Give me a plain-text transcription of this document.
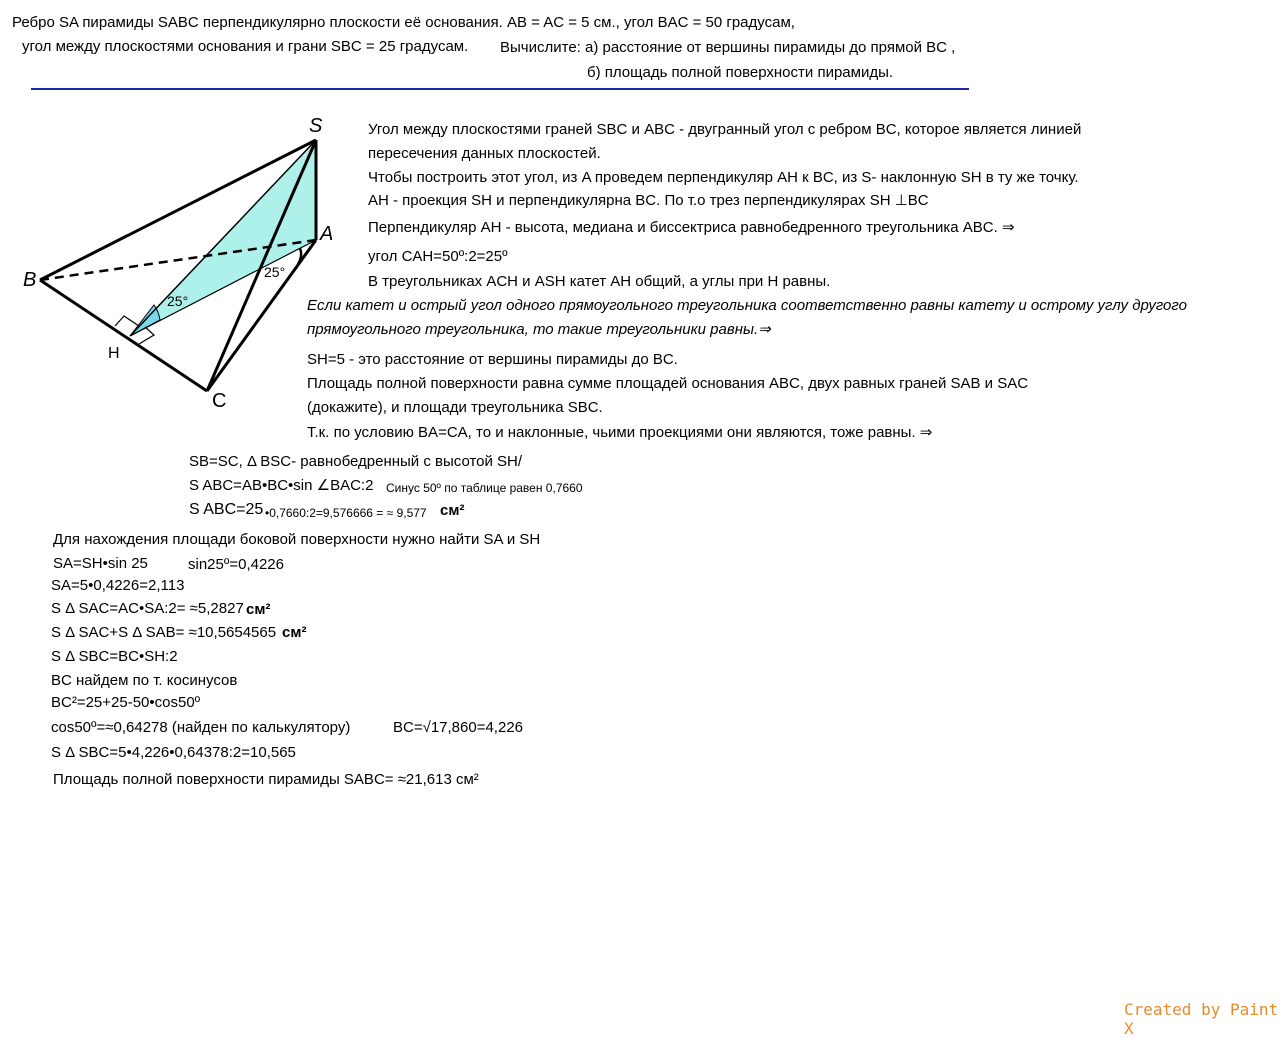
Ребро SA пирамиды SABC перпендикулярно плоскости её основания. AB = AC = 5 см., угол BAC = 50 градусам,
угол между плоскостями основания и грани SBC = 25 градусам. Вычислите: а) расстояние от вершины пирамиды до прямой BC ,
б) площадь полной поверхности пирамиды.
S
A
B
C
H
25°
25°
Угол между плоскостями граней SBC и ABC - двугранный угол с ребром BC, которое является линией
пересечения данных плоскостей.
Чтобы построить этот угол, из A проведем перпендикуляр AH к BC, из S- наклонную SH в ту же точку.
AH - проекция SH и перпендикулярна BC. По т.о трез перпендикулярах SH ⊥BC
Перпендикуляр AH - высота, медиана и биссектриса равнобедренного треугольника ABC. ⇒
угол CAH=50º:2=25º
В треугольниках ACH и ASH катет AH общий, а углы при H равны.
Если катет и острый угол одного прямоугольного треугольника соответственно равны катету и острому углу другого
прямоугольного треугольника, то такие треугольники равны.⇒
SH=5 - это расстояние от вершины пирамиды до BC.
Площадь полной поверхности равна сумме площадей основания ABC, двух равных граней SAB и SAC
(докажите), и площади треугольника SBC.
Т.к. по условию BA=CA, то и наклонные, чьими проекциями они являются, тоже равны. ⇒
SB=SC, Δ BSC- равнобедренный с высотой SH/
S ABC=AB•BC•sin ∠BAC:2 Синус 50º по таблице равен 0,7660
S ABC=25 •0,7660:2=9,576666 = ≈ 9,577 см²
Для нахождения площади боковой поверхности нужно найти SA и SH
SA=SH•sin 25	sin25º=0,4226
SA=5•0,4226=2,113
S Δ SAC=AC•SA:2= ≈5,2827 см²
S Δ SAC+S Δ SAB= ≈10,5654565 см²
S Δ SBC=BC•SH:2
BC найдем по т. косинусов
BC²=25+25-50•cos50º
cos50º=≈0,64278 (найден по калькулятору)	BC=√17,860=4,226
S Δ SBC=5•4,226•0,64378:2=10,565
Площадь полной поверхности пирамиды SABC= ≈21,613 см²
Created by Paint X
